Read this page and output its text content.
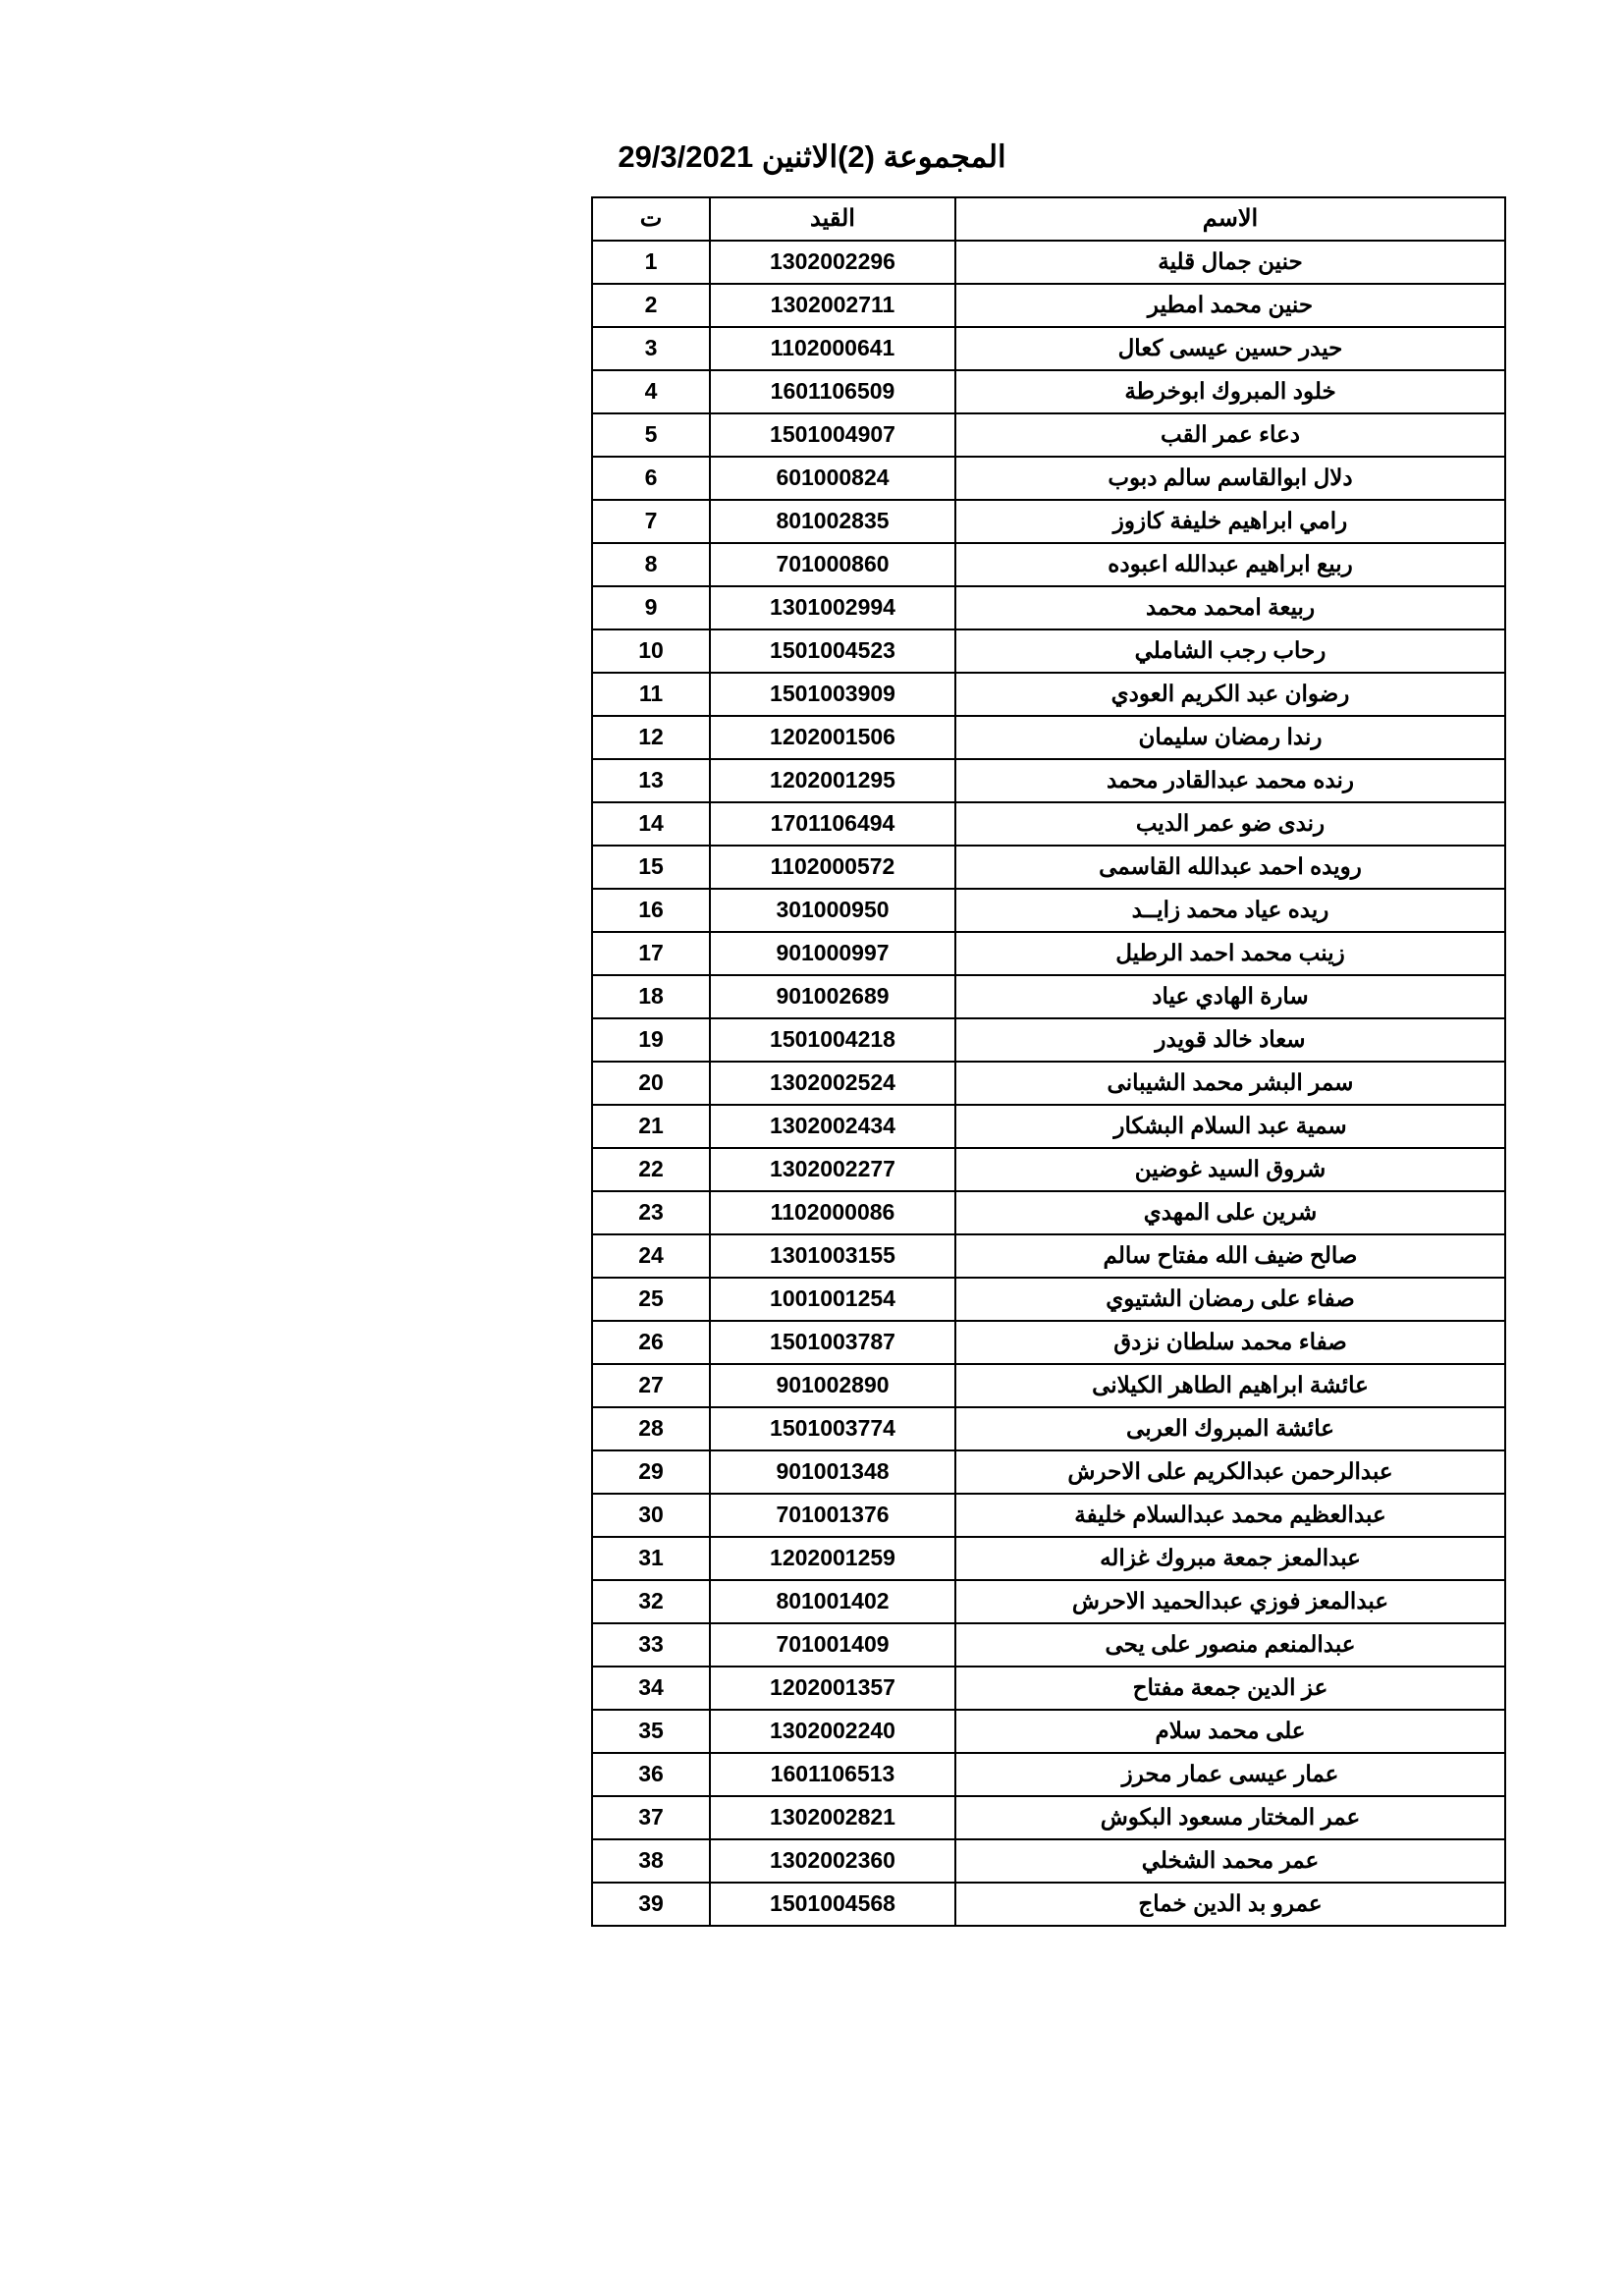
المجموعة (2)الاثنين 29/3/2021
الاسم	القيد	ت
حنين جمال قلية	1302002296	1
حنين محمد امطير	1302002711	2
حيدر حسين عيسى كعال	1102000641	3
خلود المبروك ابوخرطة	1601106509	4
دعاء عمر القب	1501004907	5
دلال ابوالقاسم سالم دبوب	601000824	6
رامي ابراهيم خليفة كازوز	801002835	7
ربيع ابراهيم عبدالله اعبوده	701000860	8
ربيعة امحمد محمد	1301002994	9
رحاب رجب الشاملي	1501004523	10
رضوان عبد الكريم العودي	1501003909	11
رندا رمضان سليمان	1202001506	12
رنده محمد عبدالقادر محمد	1202001295	13
رندى ضو عمر الديب	1701106494	14
رويده احمد عبدالله القاسمى	1102000572	15
ريده عياد محمد زايــد	301000950	16
زينب محمد احمد الرطيل	901000997	17
سارة الهادي عياد	901002689	18
سعاد خالد قويدر	1501004218	19
سمر البشر محمد الشيبانى	1302002524	20
سمية عبد السلام البشكار	1302002434	21
شروق السيد غوضين	1302002277	22
شرين على المهدي	1102000086	23
صالح ضيف الله مفتاح سالم	1301003155	24
صفاء على رمضان الشتيوي	1001001254	25
صفاء محمد سلطان نزدق	1501003787	26
عائشة ابراهيم الطاهر الكيلانى	901002890	27
عائشة المبروك العربى	1501003774	28
عبدالرحمن عبدالكريم على الاحرش	901001348	29
عبدالعظيم محمد عبدالسلام خليفة	701001376	30
عبدالمعز جمعة مبروك غزاله	1202001259	31
عبدالمعز فوزي عبدالحميد الاحرش	801001402	32
عبدالمنعم منصور على يحى	701001409	33
عز الدين جمعة مفتاح	1202001357	34
على محمد سلام	1302002240	35
عمار عيسى عمار محرز	1601106513	36
عمر المختار مسعود البكوش	1302002821	37
عمر محمد الشخلي	1302002360	38
عمرو بد الدين خماج	1501004568	39
